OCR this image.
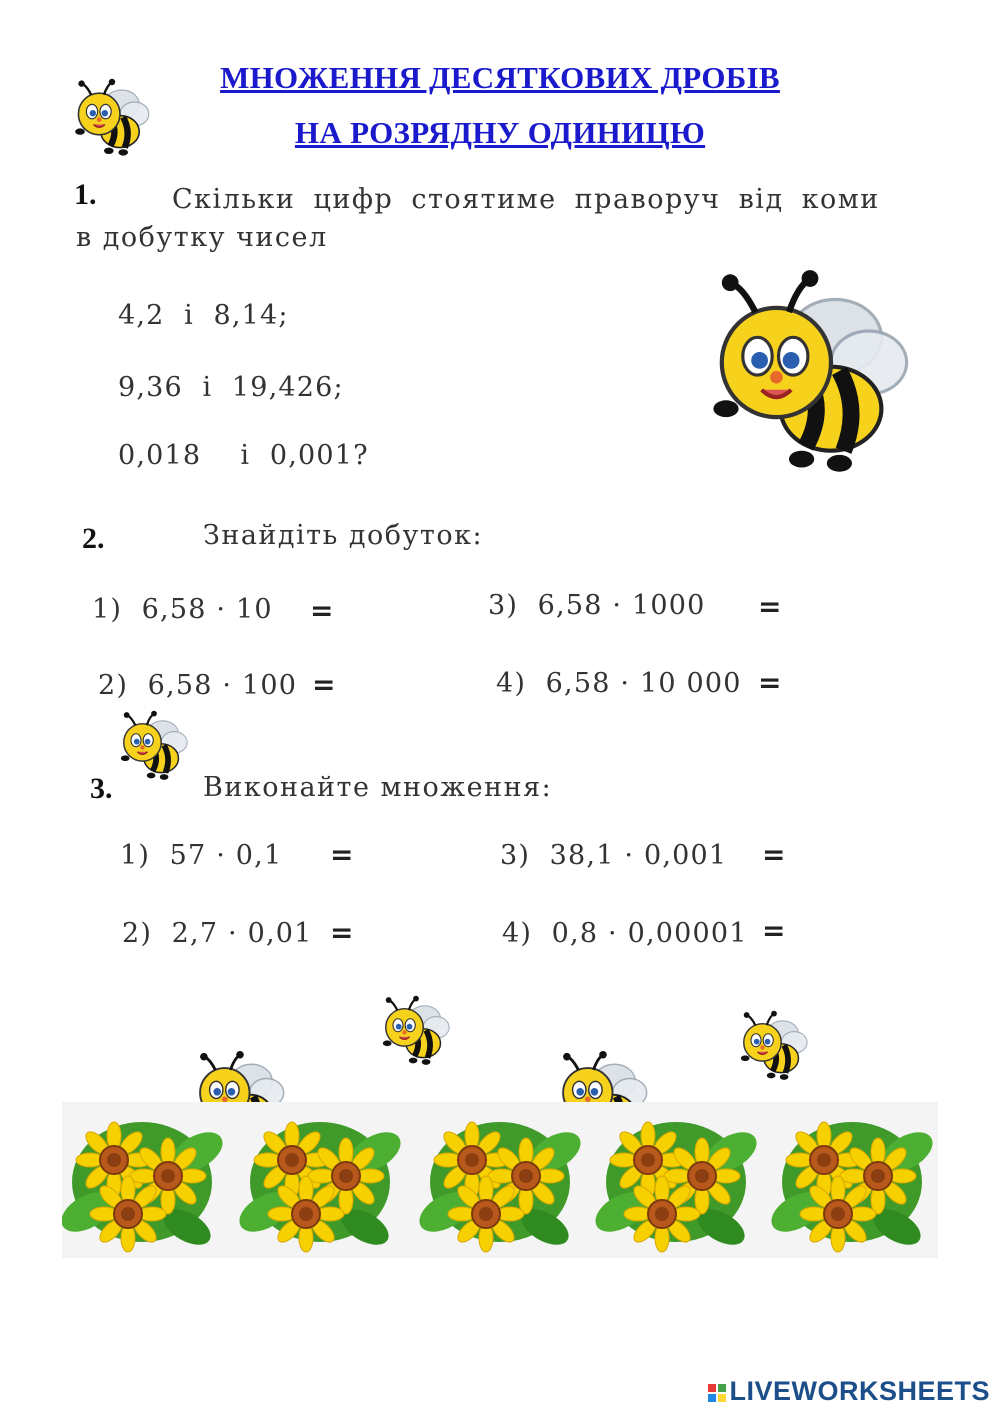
МНОЖЕННЯ ДЕСЯТКОВИХ ДРОБІВ
НА РОЗРЯДНУ ОДИНИЦЮ
1.	Скільки цифр стоятиме праворуч від коми
в добутку чисел
4,2  і  8,14;
9,36  і  19,426;
0,018    і  0,001?
2.	Знайдіть добуток:
1)  6,58 · 10 =	3)  6,58 · 1000 =
2)  6,58 · 100 =	4)  6,58 · 10 000 =
3.	Виконайте множення:
1)  57 · 0,1 =	3)  38,1 · 0,001 =
2)  2,7 · 0,01 =	4)  0,8 · 0,00001 =
LIVEWORKSHEETS
